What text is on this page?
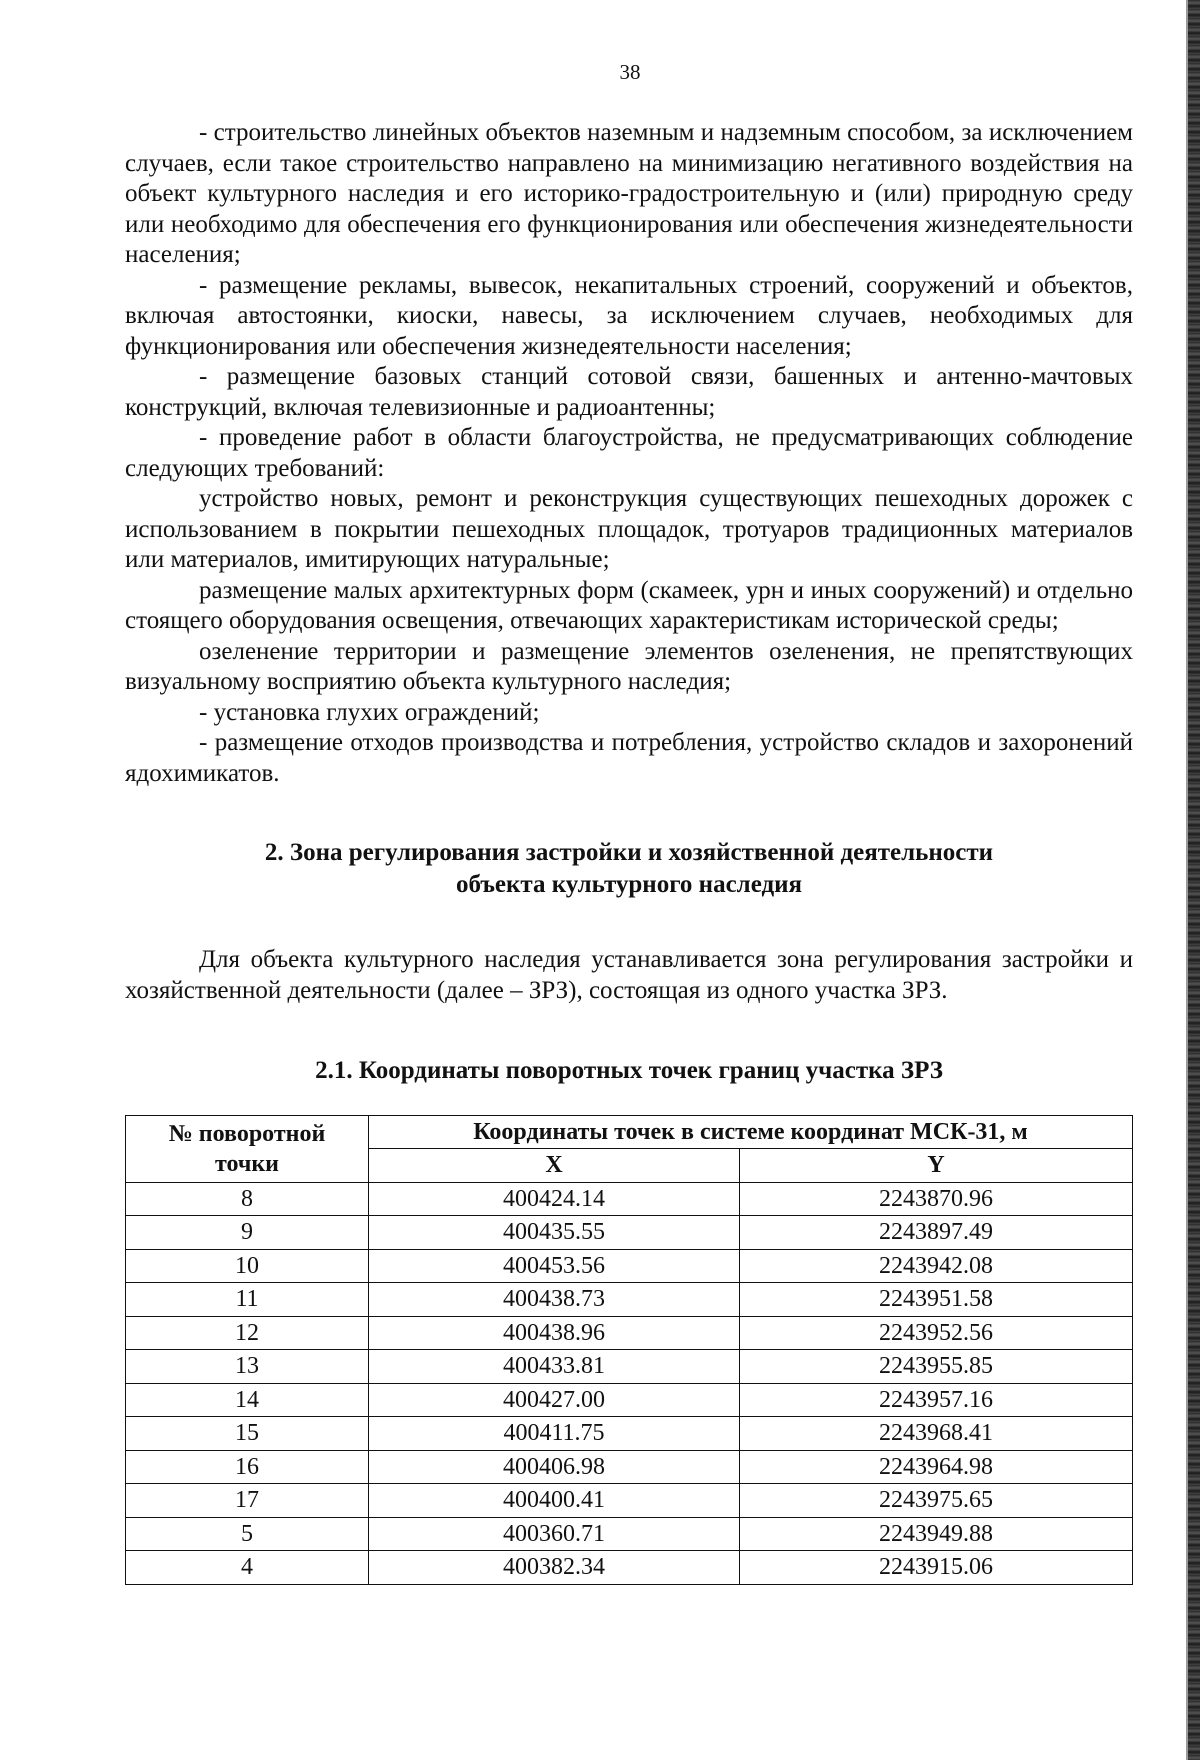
38

- строительство линейных объектов наземным и надземным способом, за исключением случаев, если такое строительство направлено на минимизацию негативного воздействия на объект культурного наследия и его историко-градостроительную и (или) природную среду или необходимо для обеспечения его функционирования или обеспечения жизнедеятельности населения;

- размещение рекламы, вывесок, некапитальных строений, сооружений и объектов, включая автостоянки, киоски, навесы, за исключением случаев, необходимых для функционирования или обеспечения жизнедеятельности населения;

- размещение базовых станций сотовой связи, башенных и антенно-мачтовых конструкций, включая телевизионные и радиоантенны;

- проведение работ в области благоустройства, не предусматривающих соблюдение следующих требований:

устройство новых, ремонт и реконструкция существующих пешеходных дорожек с использованием в покрытии пешеходных площадок, тротуаров традиционных материалов или материалов, имитирующих натуральные;

размещение малых архитектурных форм (скамеек, урн и иных сооружений) и отдельно стоящего оборудования освещения, отвечающих характеристикам исторической среды;

озеленение территории и размещение элементов озеленения, не препятствующих визуальному восприятию объекта культурного наследия;

- установка глухих ограждений;

- размещение отходов производства и потребления, устройство складов и захоронений ядохимикатов.

2. Зона регулирования застройки и хозяйственной деятельности
объекта культурного наследия

Для объекта культурного наследия устанавливается зона регулирования застройки и хозяйственной деятельности (далее – ЗРЗ), состоящая из одного участка ЗРЗ.

2.1. Координаты поворотных точек границ участка ЗРЗ
№ поворотной
точки	Координаты точек в системе координат МСК-31, м	
	X	Y
8	400424.14	2243870.96
9	400435.55	2243897.49
10	400453.56	2243942.08
11	400438.73	2243951.58
12	400438.96	2243952.56
13	400433.81	2243955.85
14	400427.00	2243957.16
15	400411.75	2243968.41
16	400406.98	2243964.98
17	400400.41	2243975.65
5	400360.71	2243949.88
4	400382.34	2243915.06
